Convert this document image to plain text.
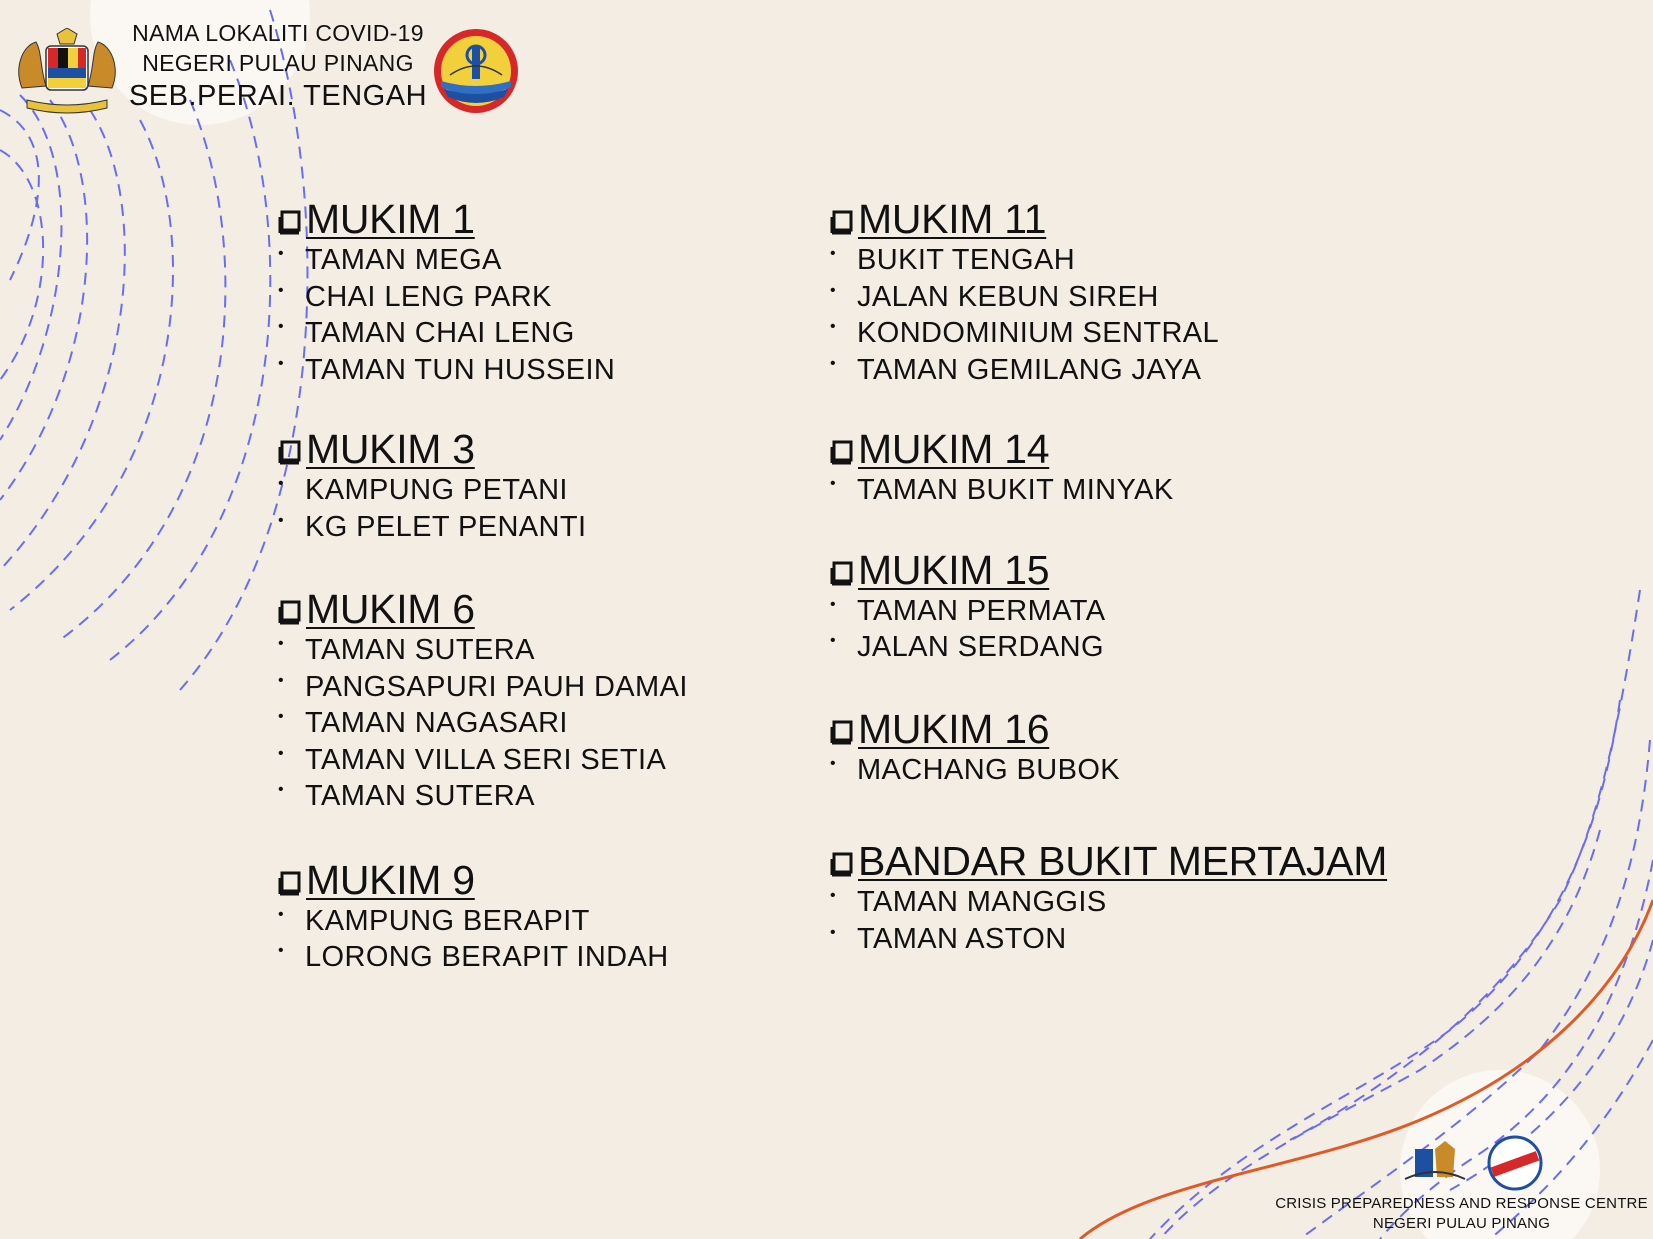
NAMA LOKALITI COVID-19
NEGERI PULAU PINANG
SEB.PERAI. TENGAH
MUKIM 1
• TAMAN MEGA
• CHAI LENG PARK
• TAMAN CHAI LENG
• TAMAN TUN HUSSEIN
MUKIM 3
• KAMPUNG PETANI
• KG PELET PENANTI
MUKIM 6
• TAMAN SUTERA
• PANGSAPURI PAUH DAMAI
• TAMAN NAGASARI
• TAMAN VILLA SERI SETIA
• TAMAN SUTERA
MUKIM 9
• KAMPUNG BERAPIT
• LORONG BERAPIT INDAH
MUKIM 11
• BUKIT TENGAH
• JALAN KEBUN SIREH
• KONDOMINIUM SENTRAL
• TAMAN GEMILANG JAYA
MUKIM 14
• TAMAN BUKIT MINYAK
MUKIM 15
• TAMAN PERMATA
• JALAN SERDANG
MUKIM 16
• MACHANG BUBOK
BANDAR BUKIT MERTAJAM
• TAMAN MANGGIS
• TAMAN ASTON
CRISIS PREPAREDNESS AND RESPONSE CENTRE
NEGERI PULAU PINANG
